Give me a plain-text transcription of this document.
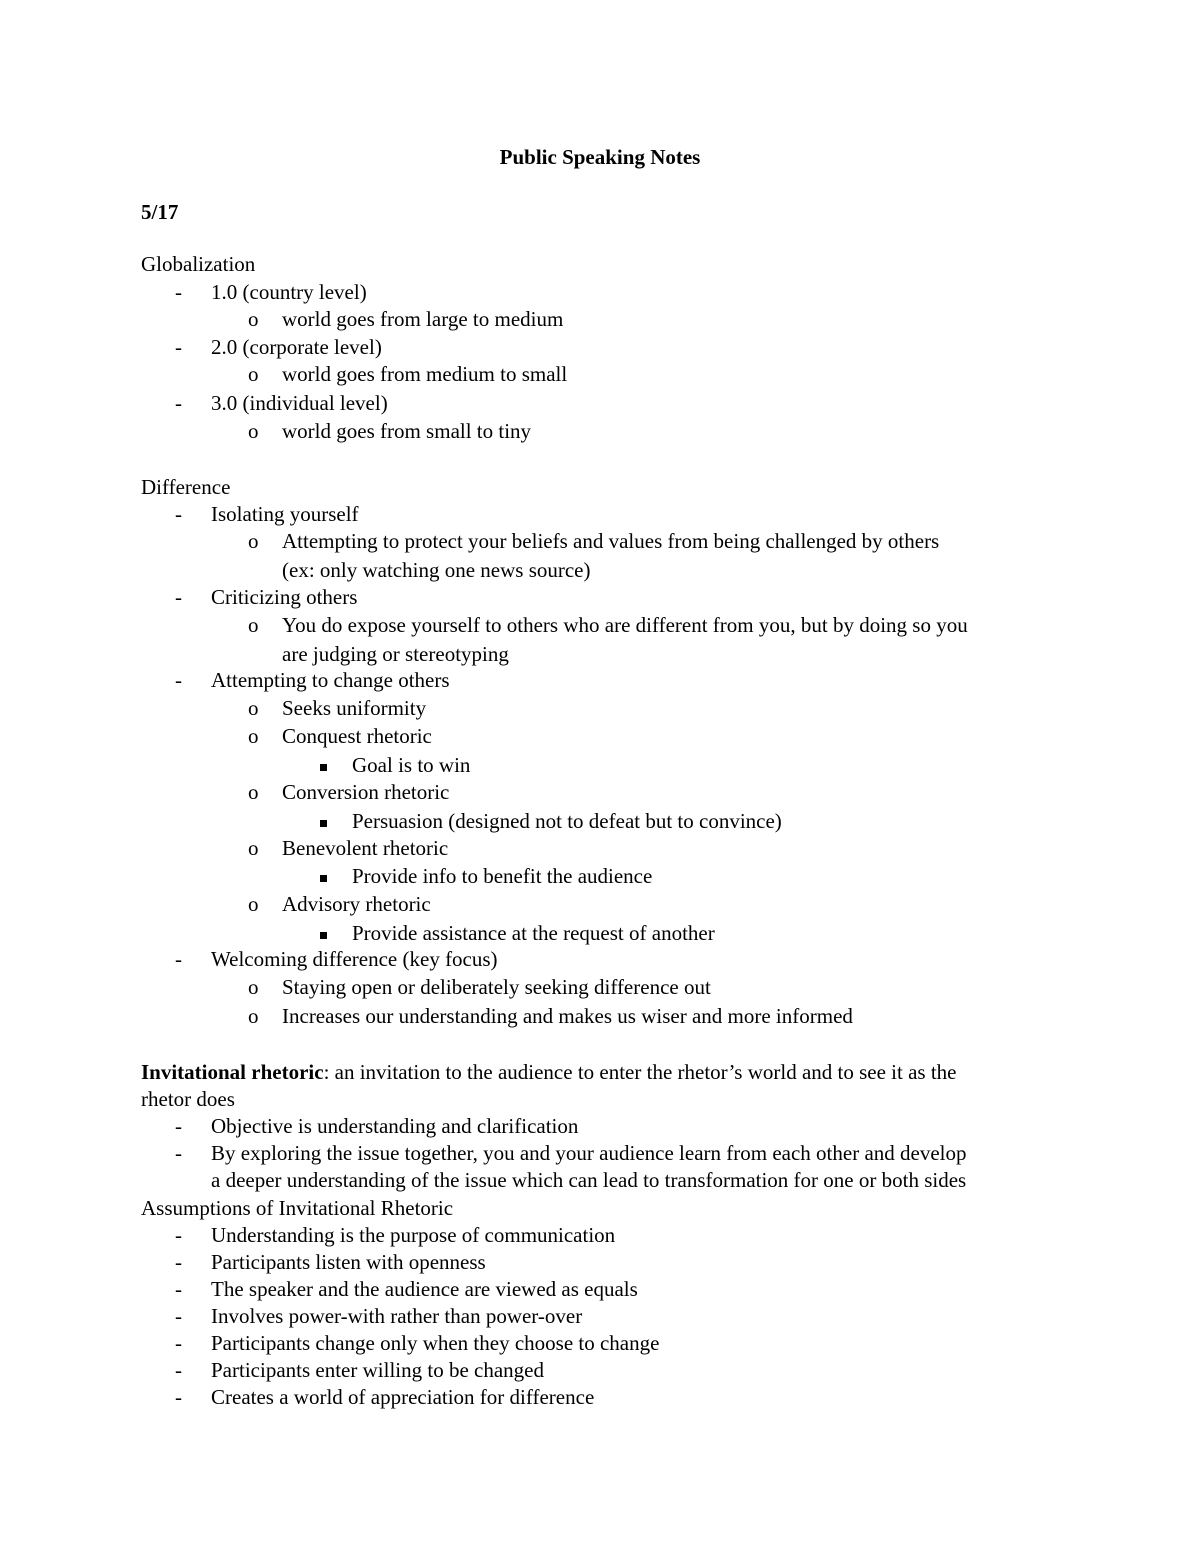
Public Speaking Notes
5/17
Globalization
- 1.0 (country level)
o world goes from large to medium
- 2.0 (corporate level)
o world goes from medium to small
- 3.0 (individual level)
o world goes from small to tiny
Difference
- Isolating yourself
o Attempting to protect your beliefs and values from being challenged by others
(ex: only watching one news source)
- Criticizing others
o You do expose yourself to others who are different from you, but by doing so you
are judging or stereotyping
- Attempting to change others
o Seeks uniformity
o Conquest rhetoric
Goal is to win
o Conversion rhetoric
Persuasion (designed not to defeat but to convince)
o Benevolent rhetoric
Provide info to benefit the audience
o Advisory rhetoric
Provide assistance at the request of another
- Welcoming difference (key focus)
o Staying open or deliberately seeking difference out
o Increases our understanding and makes us wiser and more informed
Invitational rhetoric: an invitation to the audience to enter the rhetor’s world and to see it as the
rhetor does
- Objective is understanding and clarification
- By exploring the issue together, you and your audience learn from each other and develop
a deeper understanding of the issue which can lead to transformation for one or both sides
Assumptions of Invitational Rhetoric
- Understanding is the purpose of communication
- Participants listen with openness
- The speaker and the audience are viewed as equals
- Involves power-with rather than power-over
- Participants change only when they choose to change
- Participants enter willing to be changed
- Creates a world of appreciation for difference
